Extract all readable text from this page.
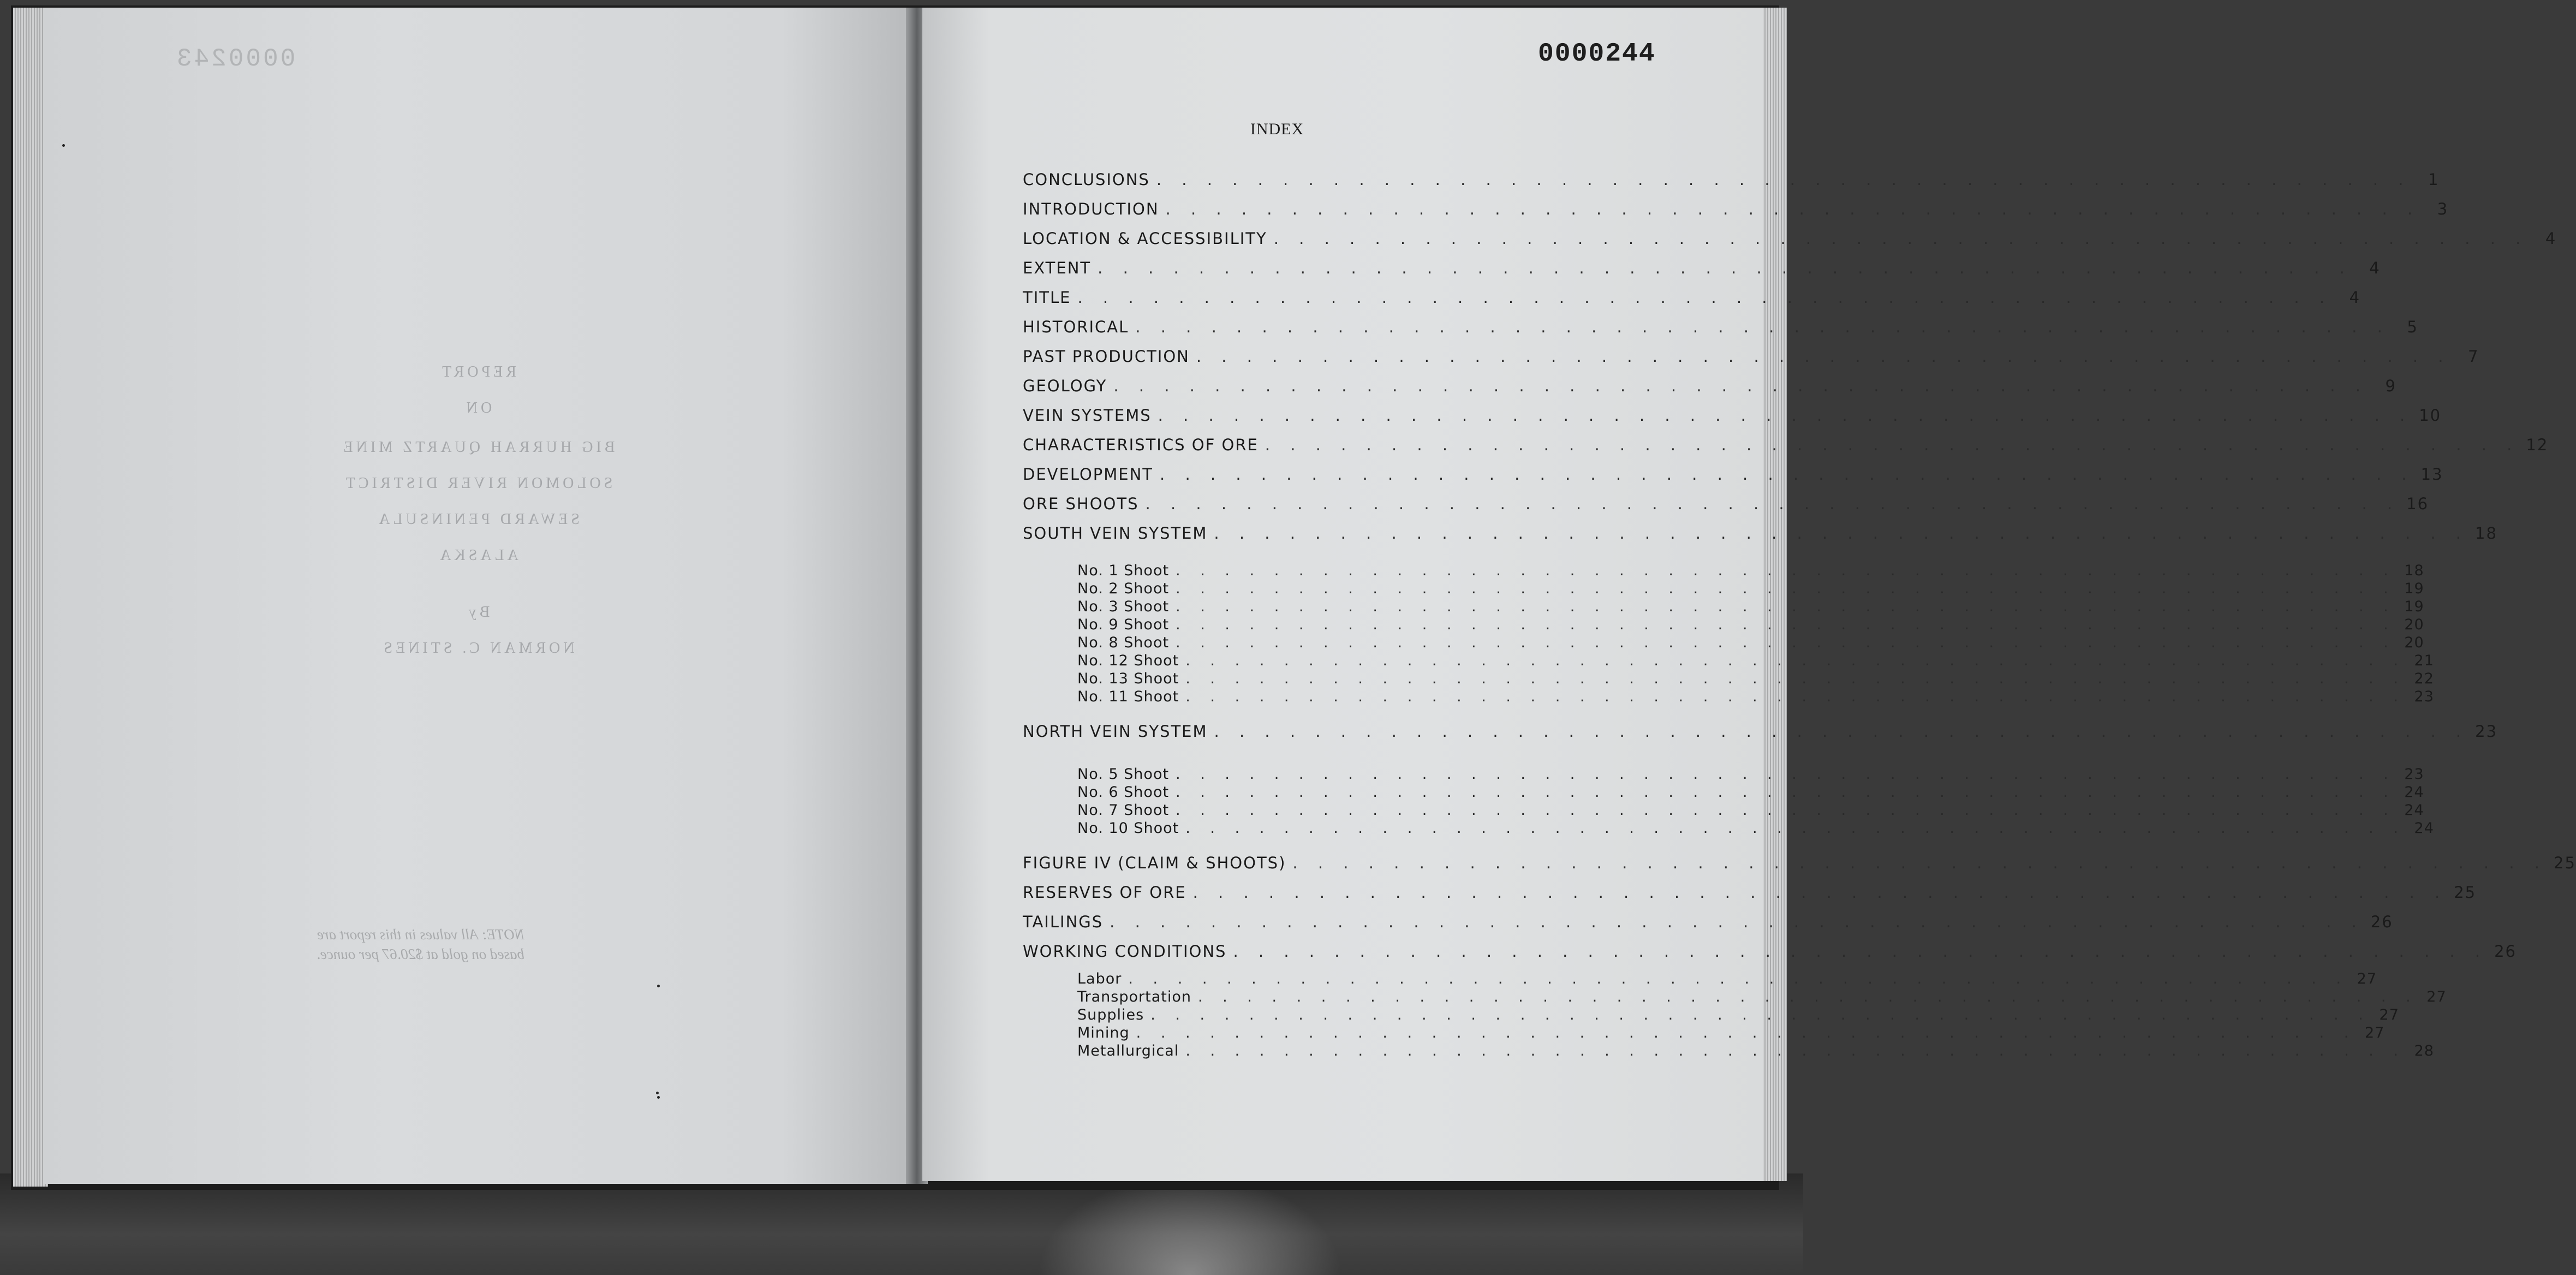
0000243
REPORT
ON
BIG HURRAH QUARTZ MINE
SOLOMON RIVER DISTRICT
SEWARD PENINSULA
ALASKA
By
NORMAN C. STINES
NOTE: All values in this report are
based on gold at $20.67 per ounce.
0000244
INDEX
CONCLUSIONS . . . . . . . . . . . . . . . . . . . . . . . . . . . . . . . . . . . . . . . . . . . . . . . . . .	1
INTRODUCTION . . . . . . . . . . . . . . . . . . . . . . . . . . . . . . . . . . . . . . . . . . . . . . . . . .	3
LOCATION & ACCESSIBILITY . . . . . . . . . . . . . . . . . . . . . . . . . . . . . . . . . . . . . . . . . . . . . . . . . .	4
EXTENT . . . . . . . . . . . . . . . . . . . . . . . . . . . . . . . . . . . . . . . . . . . . . . . . . .	4
TITLE . . . . . . . . . . . . . . . . . . . . . . . . . . . . . . . . . . . . . . . . . . . . . . . . . .	4
HISTORICAL . . . . . . . . . . . . . . . . . . . . . . . . . . . . . . . . . . . . . . . . . . . . . . . . . .	5
PAST PRODUCTION . . . . . . . . . . . . . . . . . . . . . . . . . . . . . . . . . . . . . . . . . . . . . . . . . .	7
GEOLOGY . . . . . . . . . . . . . . . . . . . . . . . . . . . . . . . . . . . . . . . . . . . . . . . . . .	9
VEIN SYSTEMS . . . . . . . . . . . . . . . . . . . . . . . . . . . . . . . . . . . . . . . . . . . . . . . . . . 10
CHARACTERISTICS OF ORE . . . . . . . . . . . . . . . . . . . . . . . . . . . . . . . . . . . . . . . . . . . . . . . . . . 12
DEVELOPMENT . . . . . . . . . . . . . . . . . . . . . . . . . . . . . . . . . . . . . . . . . . . . . . . . . . 13
ORE SHOOTS . . . . . . . . . . . . . . . . . . . . . . . . . . . . . . . . . . . . . . . . . . . . . . . . . . 16
SOUTH VEIN SYSTEM . . . . . . . . . . . . . . . . . . . . . . . . . . . . . . . . . . . . . . . . . . . . . . . . . . 18
No. 1 Shoot . . . . . . . . . . . . . . . . . . . . . . . . . . . . . . . . . . . . . . . . . . . . . . . . . . 18
No. 2 Shoot . . . . . . . . . . . . . . . . . . . . . . . . . . . . . . . . . . . . . . . . . . . . . . . . . . 19
No. 3 Shoot . . . . . . . . . . . . . . . . . . . . . . . . . . . . . . . . . . . . . . . . . . . . . . . . . . 19
No. 9 Shoot . . . . . . . . . . . . . . . . . . . . . . . . . . . . . . . . . . . . . . . . . . . . . . . . . . 20
No. 8 Shoot . . . . . . . . . . . . . . . . . . . . . . . . . . . . . . . . . . . . . . . . . . . . . . . . . . 20
No. 12 Shoot . . . . . . . . . . . . . . . . . . . . . . . . . . . . . . . . . . . . . . . . . . . . . . . . . . 21
No. 13 Shoot . . . . . . . . . . . . . . . . . . . . . . . . . . . . . . . . . . . . . . . . . . . . . . . . . . 22
No. 11 Shoot . . . . . . . . . . . . . . . . . . . . . . . . . . . . . . . . . . . . . . . . . . . . . . . . . . 23
NORTH VEIN SYSTEM . . . . . . . . . . . . . . . . . . . . . . . . . . . . . . . . . . . . . . . . . . . . . . . . . . 23
No. 5 Shoot . . . . . . . . . . . . . . . . . . . . . . . . . . . . . . . . . . . . . . . . . . . . . . . . . . 23
No. 6 Shoot . . . . . . . . . . . . . . . . . . . . . . . . . . . . . . . . . . . . . . . . . . . . . . . . . . 24
No. 7 Shoot . . . . . . . . . . . . . . . . . . . . . . . . . . . . . . . . . . . . . . . . . . . . . . . . . . 24
No. 10 Shoot . . . . . . . . . . . . . . . . . . . . . . . . . . . . . . . . . . . . . . . . . . . . . . . . . . 24
FIGURE IV (CLAIM & SHOOTS) . . . . . . . . . . . . . . . . . . . . . . . . . . . . . . . . . . . . . . . . . . . . . . . . . . 25
RESERVES OF ORE . . . . . . . . . . . . . . . . . . . . . . . . . . . . . . . . . . . . . . . . . . . . . . . . . . 25
TAILINGS . . . . . . . . . . . . . . . . . . . . . . . . . . . . . . . . . . . . . . . . . . . . . . . . . . 26
WORKING CONDITIONS . . . . . . . . . . . . . . . . . . . . . . . . . . . . . . . . . . . . . . . . . . . . . . . . . . 26
Labor . . . . . . . . . . . . . . . . . . . . . . . . . . . . . . . . . . . . . . . . . . . . . . . . . . 27
Transportation . . . . . . . . . . . . . . . . . . . . . . . . . . . . . . . . . . . . . . . . . . . . . . . . . . 27
Supplies . . . . . . . . . . . . . . . . . . . . . . . . . . . . . . . . . . . . . . . . . . . . . . . . . . 27
Mining . . . . . . . . . . . . . . . . . . . . . . . . . . . . . . . . . . . . . . . . . . . . . . . . . . 27
Metallurgical . . . . . . . . . . . . . . . . . . . . . . . . . . . . . . . . . . . . . . . . . . . . . . . . . . 28
